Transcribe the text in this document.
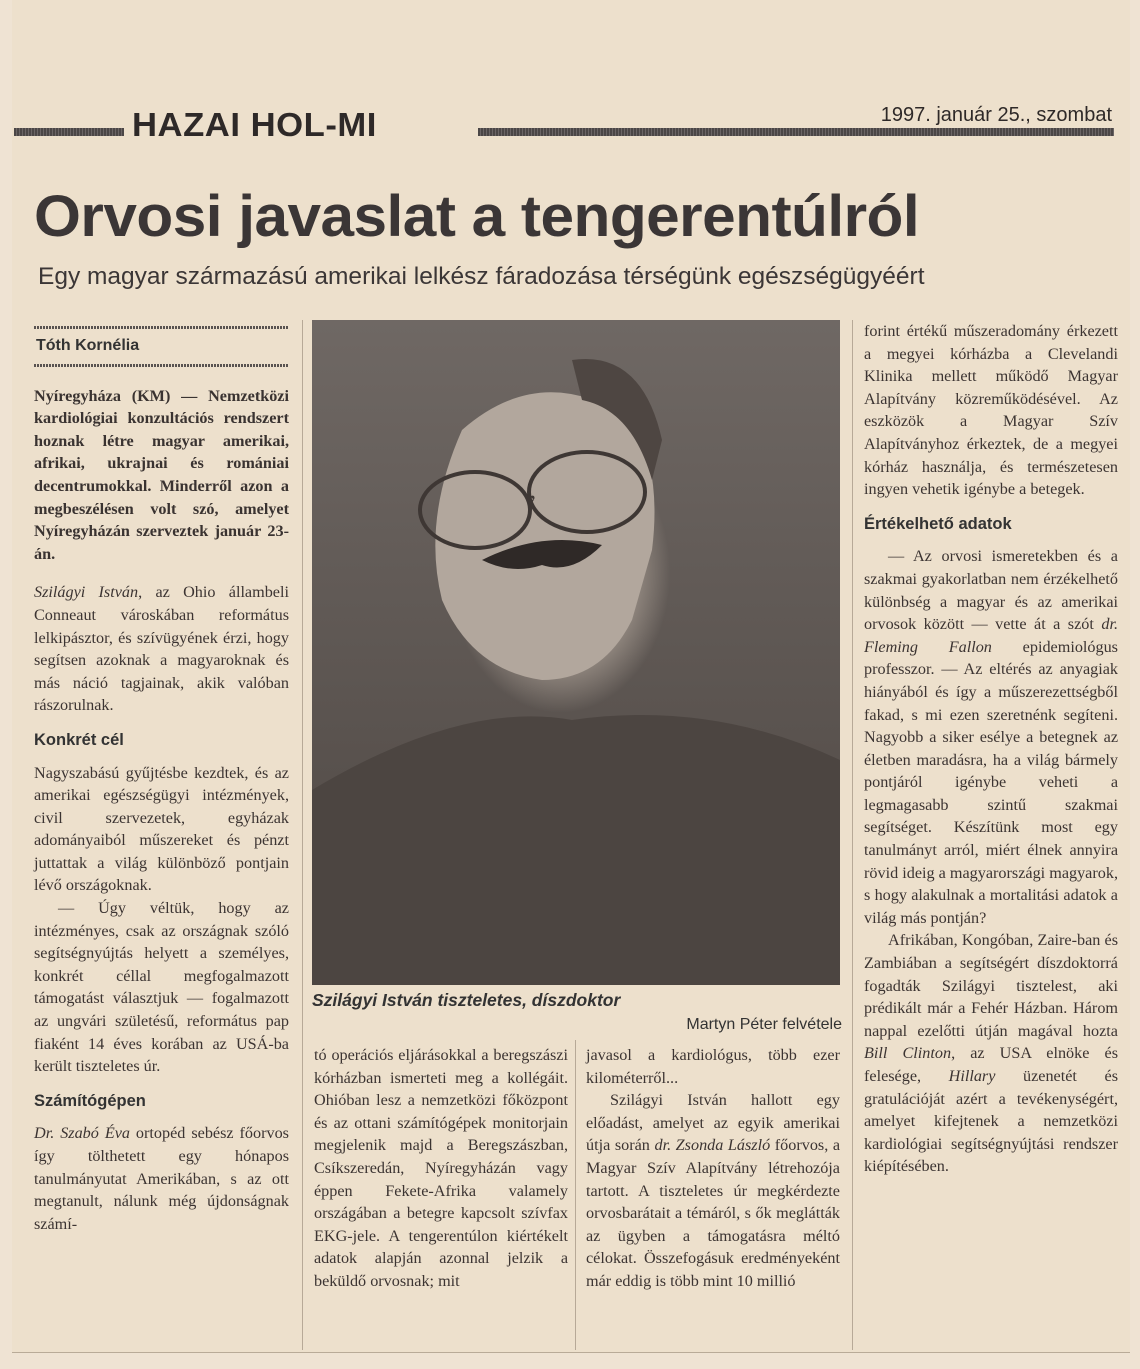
HAZAI HOL-MI	1997. január 25., szombat
Orvosi javaslat a tengerentúlról
Egy magyar származású amerikai lelkész fáradozása térségünk egészségügyéért
Tóth Kornélia

Nyíregyháza (KM) — Nemzetközi kardiológiai konzultációs rendszert hoznak létre magyar amerikai, afrikai, ukrajnai és romániai decentrumokkal. Minderről azon a megbeszélésen volt szó, amelyet Nyíregyházán szerveztek január 23-án.

Szilágyi István, az Ohio állambeli Conneaut városkában református lelkipásztor, és szívügyének érzi, hogy segítsen azoknak a magyaroknak és más náció tagjainak, akik valóban rászorulnak.

Konkrét cél

Nagyszabású gyűjtésbe kezdtek, és az amerikai egészségügyi intézmények, civil szervezetek, egyházak adományaiból műszereket és pénzt juttattak a világ különböző pontjain lévő országoknak.

— Úgy véltük, hogy az intézményes, csak az országnak szóló segítségnyújtás helyett a személyes, konkrét céllal megfogalmazott támogatást választjuk — fogalmazott az ungvári születésű, református pap fiaként 14 éves korában az USÁ-ba került tiszteletes úr.

Számítógépen

Dr. Szabó Éva ortopéd sebész főorvos így tölthetett egy hónapos tanulmányutat Amerikában, s az ott megtanult, nálunk még újdonságnak számí-

Szilágyi István tiszteletes, díszdoktor
Martyn Péter felvétele

tó operációs eljárásokkal a beregszászi kórházban ismerteti meg a kollégáit. Ohióban lesz a nemzetközi főközpont és az ottani számítógépek monitorjain megjelenik majd a Beregszászban, Csíkszeredán, Nyíregyházán vagy éppen Fekete-Afrika valamely országában a betegre kapcsolt szívfax EKG-jele. A tengerentúlon kiértékelt adatok alapján azonnal jelzik a beküldő orvosnak; mit

javasol a kardiológus, több ezer kilométerről...

Szilágyi István hallott egy előadást, amelyet az egyik amerikai útja során dr. Zsonda László főorvos, a Magyar Szív Alapítvány létrehozója tartott. A tiszteletes úr megkérdezte orvosbarátait a témáról, s ők meglátták az ügyben a támogatásra méltó célokat. Összefogásuk eredményeként már eddig is több mint 10 millió

forint értékű műszeradomány érkezett a megyei kórházba a Clevelandi Klinika mellett működő Magyar Alapítvány közreműködésével. Az eszközök a Magyar Szív Alapítványhoz érkeztek, de a megyei kórház használja, és természetesen ingyen vehetik igénybe a betegek.

Értékelhető adatok

— Az orvosi ismeretekben és a szakmai gyakorlatban nem érzékelhető különbség a magyar és az amerikai orvosok között — vette át a szót dr. Fleming Fallon epidemiológus professzor. — Az eltérés az anyagiak hiányából és így a műszerezettségből fakad, s mi ezen szeretnénk segíteni. Nagyobb a siker esélye a betegnek az életben maradásra, ha a világ bármely pontjáról igénybe veheti a legmagasabb szintű szakmai segítséget. Készítünk most egy tanulmányt arról, miért élnek annyira rövid ideig a magyarországi magyarok, s hogy alakulnak a mortalitási adatok a világ más pontján?

Afrikában, Kongóban, Zaire-ban és Zambiában a segítségért díszdoktorrá fogadták Szilágyi tisztelest, aki prédikált már a Fehér Házban. Három nappal ezelőtti útján magával hozta Bill Clinton, az USA elnöke és felesége, Hillary üzenetét és gratulációját azért a tevékenységért, amelyet kifejtenek a nemzetközi kardiológiai segítségnyújtási rendszer kiépítésében.
